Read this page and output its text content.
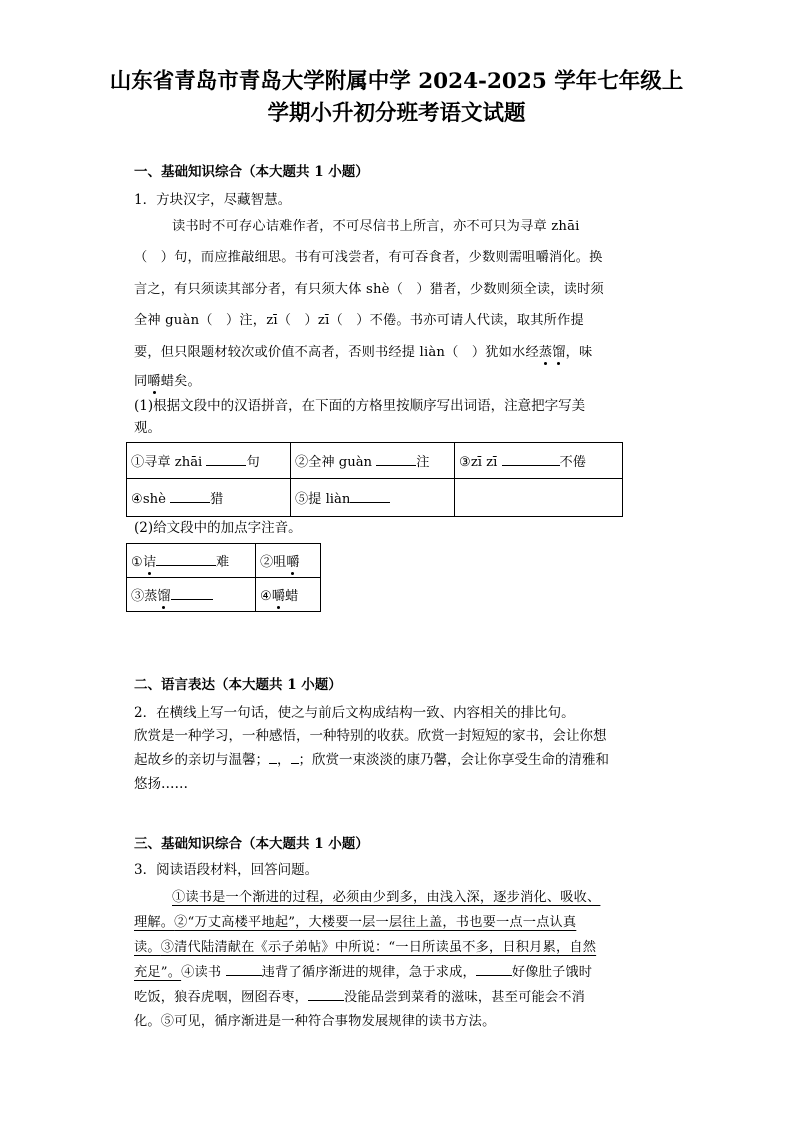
山东省青岛市青岛大学附属中学 2024-2025 学年七年级上
学期小升初分班考语文试题
一、基础知识综合（本大题共 1 小题）
1．方块汉字，尽藏智慧。
读书时不可存心诘难作者，不可尽信书上所言，亦不可只为寻章 zhāi
（　）句，而应推敲细思。书有可浅尝者，有可吞食者，少数则需咀嚼消化。换
言之，有只须读其部分者，有只须大体 shè（　）猎者，少数则须全读，读时须
全神 guàn（　）注，zī（　）zī（　）不倦。书亦可请人代读，取其所作提
要，但只限题材较次或价值不高者，否则书经提 liàn（　）犹如水经蒸馏，味
同嚼蜡矣。
(1)根据文段中的汉语拼音，在下面的方格里按顺序写出词语，注意把字写美
观。
①寻章 zhāi 句	②全神 guàn 注	③zī zī 不倦
④shè 猎	⑤提 liàn	
(2)给文段中的加点字注音。
①诘 难	②咀嚼
③蒸馏	④嚼蜡
二、语言表达（本大题共 1 小题）
2．在横线上写一句话，使之与前后文构成结构一致、内容相关的排比句。
欣赏是一种学习，一种感悟，一种特别的收获。欣赏一封短短的家书，会让你想
起故乡的亲切与温馨； ， ；欣赏一束淡淡的康乃馨，会让你享受生命的清雅和
悠扬……
三、基础知识综合（本大题共 1 小题）
3．阅读语段材料，回答问题。
①读书是一个渐进的过程，必须由少到多，由浅入深，逐步消化、吸收、
理解。②“万丈高楼平地起”，大楼要一层一层往上盖，书也要一点一点认真
读。③清代陆清献在《示子弟帖》中所说：“一日所读虽不多，日积月累，自然
充足”。④读书	违背了循序渐进的规律，急于求成，	好像肚子饿时
吃饭，狼吞虎咽，囫囵吞枣，	没能品尝到菜肴的滋味，甚至可能会不消
化。⑤可见，循序渐进是一种符合事物发展规律的读书方法。
